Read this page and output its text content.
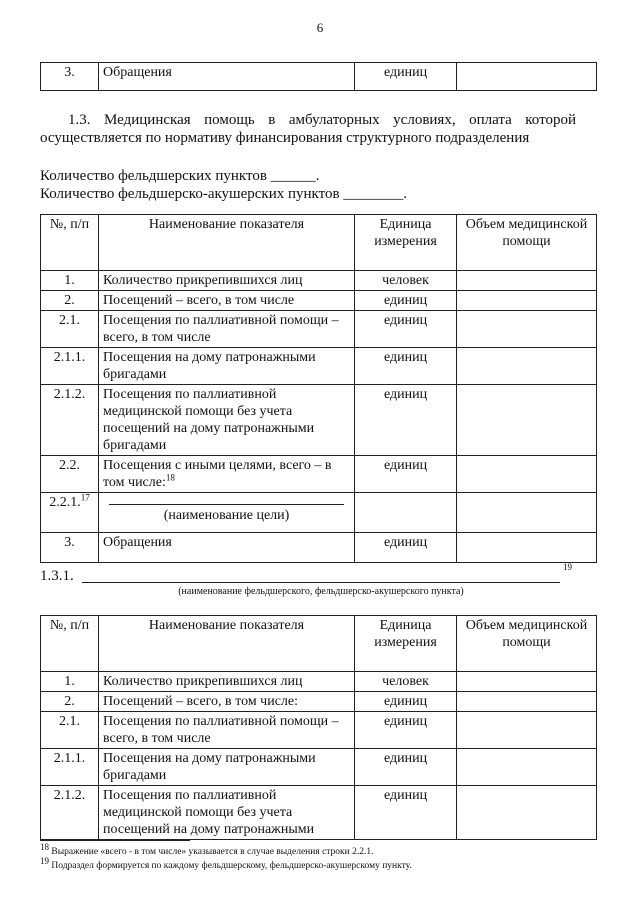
6
3.	Обращения	единиц	
1.3. Медицинская помощь в амбулаторных условиях, оплата которой
осуществляется по нормативу финансирования структурного подразделения
Количество фельдшерских пунктов ______.
Количество фельдшерско-акушерских пунктов ________.
№, п/п	Наименование показателя	Единица измерения	Объем медицинской помощи
1.	Количество прикрепившихся лиц	человек	
2.	Посещений – всего, в том числе	единиц	
2.1.	Посещения по паллиативной помощи – всего, в том числе	единиц	
2.1.1.	Посещения на дому патронажными бригадами	единиц	
2.1.2.	Посещения по паллиативной медицинской помощи без учета посещений на дому патронажными бригадами	единиц	
2.2.	Посещения с иными целями, всего – в том числе:$^{18}$	единиц	
2.2.1.17	(наименование цели)		

3.	Обращения	единиц	
1.3.1.
19
(наименование фельдшерского, фельдшерско-акушерского пункта)
№, п/п	Наименование показателя	Единица измерения	Объем медицинской помощи
1.	Количество прикрепившихся лиц	человек	
2.	Посещений – всего, в том числе:	единиц	
2.1.	Посещения по паллиативной помощи – всего, в том числе	единиц	
2.1.1.	Посещения на дому патронажными бригадами	единиц	
2.1.2.	Посещения по паллиативной медицинской помощи без учета посещений на дому патронажными	единиц	
$^{18}$ Выражение «всего - в том числе» указывается в случае выделения строки 2.2.1.
$^{19}$ Подраздел формируется по каждому фельдшерскому, фельдшерско-акушерскому пункту.
